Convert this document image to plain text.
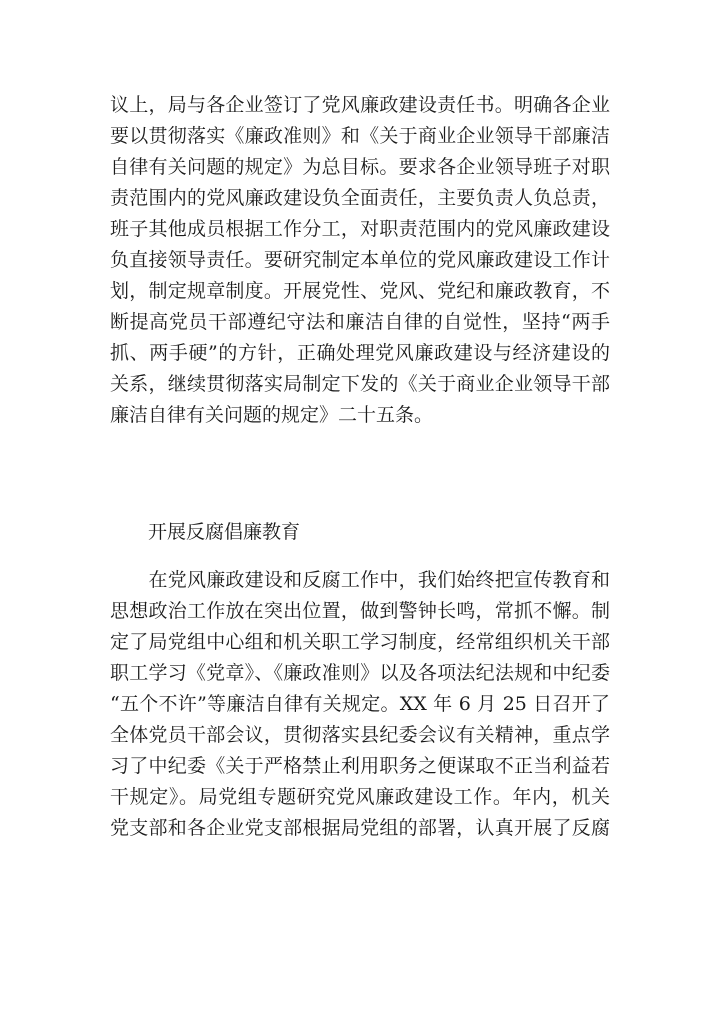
议上，局与各企业签订了党风廉政建设责任书。明确各企业
要以贯彻落实《廉政准则》和《关于商业企业领导干部廉洁
自律有关问题的规定》为总目标。要求各企业领导班子对职
责范围内的党风廉政建设负全面责任，主要负责人负总责，
班子其他成员根据工作分工，对职责范围内的党风廉政建设
负直接领导责任。要研究制定本单位的党风廉政建设工作计
划，制定规章制度。开展党性、党风、党纪和廉政教育，不
断提高党员干部遵纪守法和廉洁自律的自觉性，坚持“两手
抓、两手硬”的方针，正确处理党风廉政建设与经济建设的
关系，继续贯彻落实局制定下发的《关于商业企业领导干部
廉洁自律有关问题的规定》二十五条。
开展反腐倡廉教育
　　在党风廉政建设和反腐工作中，我们始终把宣传教育和
思想政治工作放在突出位置，做到警钟长鸣，常抓不懈。制
定了局党组中心组和机关职工学习制度，经常组织机关干部
职工学习《党章》、《廉政准则》以及各项法纪法规和中纪委
“五个不许”等廉洁自律有关规定。XX 年 6 月 25 日召开了
全体党员干部会议，贯彻落实县纪委会议有关精神，重点学
习了中纪委《关于严格禁止利用职务之便谋取不正当利益若
干规定》。局党组专题研究党风廉政建设工作。年内，机关
党支部和各企业党支部根据局党组的部署，认真开展了反腐
